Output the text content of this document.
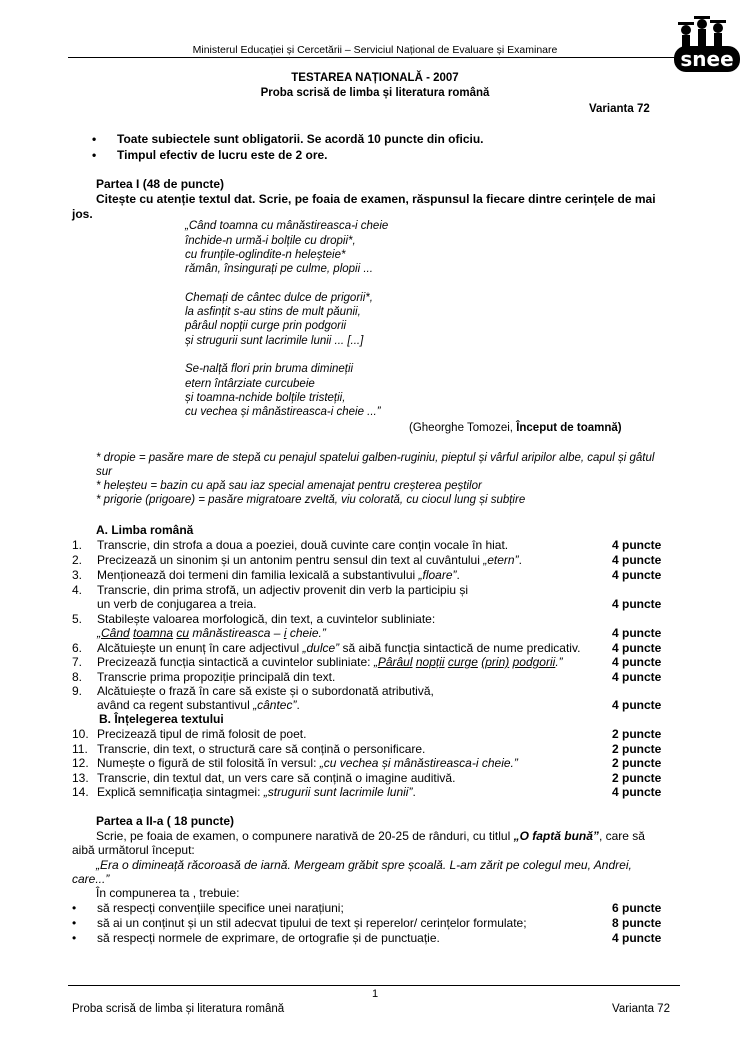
Ministerul Educației și Cercetării – Serviciul Național de Evaluare și Examinare	snee
TESTAREA NAȚIONALĂ - 2007
Proba scrisă de limba și literatura română
Varianta 72
• Toate subiectele sunt obligatorii. Se acordă 10 puncte din oficiu.
• Timpul efectiv de lucru este de 2 ore.
Partea I (48 de puncte)
Citește cu atenție textul dat. Scrie, pe foaia de examen, răspunsul la fiecare dintre cerințele de mai
jos.
„Când toamna cu mânăstireasca-i cheie
închide-n urmă-i bolțile cu dropii*,
cu frunțile-oglindite-n heleșteie*
rămân, însingurați pe culme, plopii ...
Chemați de cântec dulce de prigorii*,
la asfințit s-au stins de mult păunii,
pârâul nopții curge prin podgorii
și strugurii sunt lacrimile lunii ... [...]
Se-nalță flori prin bruma dimineții
etern întârziate curcubeie
și toamna-nchide bolțile tristeții,
cu vechea și mânăstireasca-i cheie ...”
(Gheorghe Tomozei, Început de toamnă)
* dropie = pasăre mare de stepă cu penajul spatelui galben-ruginiu, pieptul și vârful aripilor albe, capul și gâtul
sur
* heleșteu = bazin cu apă sau iaz special amenajat pentru creșterea peștilor
* prigorie (prigoare) = pasăre migratoare zveltă, viu colorată, cu ciocul lung și subțire
A. Limba română
1. Transcrie, din strofa a doua a poeziei, două cuvinte care conțin vocale în hiat.	4 puncte
2. Precizează un sinonim și un antonim pentru sensul din text al cuvântului „etern”.	4 puncte
3. Menționează doi termeni din familia lexicală a substantivului „floare”.	4 puncte
4. Transcrie, din prima strofă, un adjectiv provenit din verb la participiu și
un verb de conjugarea a treia.	4 puncte
5. Stabilește valoarea morfologică, din text, a cuvintelor subliniate:
„Când toamna cu mânăstireasca – i cheie.”	4 puncte
6. Alcătuiește un enunț în care adjectivul „dulce” să aibă funcția sintactică de nume predicativ.	4 puncte
7. Precizează funcția sintactică a cuvintelor subliniate: „Pârâul nopții curge (prin) podgorii.”	4 puncte
8. Transcrie prima propoziție principală din text.	4 puncte
9. Alcătuiește o frază în care să existe și o subordonată atributivă,
având ca regent substantivul „cântec”.	4 puncte
B. Înțelegerea textului
10. Precizează tipul de rimă folosit de poet.	2 puncte
11. Transcrie, din text, o structură care să conțină o personificare.	2 puncte
12. Numește o figură de stil folosită în versul: „cu vechea și mânăstireasca-i cheie.”	2 puncte
13. Transcrie, din textul dat, un vers care să conțină o imagine auditivă.	2 puncte
14. Explică semnificația sintagmei: „strugurii sunt lacrimile lunii”.	4 puncte
Partea a II-a ( 18 puncte)
Scrie, pe foaia de examen, o compunere narativă de 20-25 de rânduri, cu titlul „O faptă bună”, care să
aibă următorul început:
„Era o dimineață răcoroasă de iarnă. Mergeam grăbit spre școală. L-am zărit pe colegul meu, Andrei,
care...”
În compunerea ta , trebuie:
• să respecți convențiile specifice unei narațiuni;	6 puncte
• să ai un conținut și un stil adecvat tipului de text și reperelor/ cerințelor formulate;	8 puncte
• să respecți normele de exprimare, de ortografie și de punctuație.	4 puncte
1
Proba scrisă de limba și literatura română	Varianta 72
